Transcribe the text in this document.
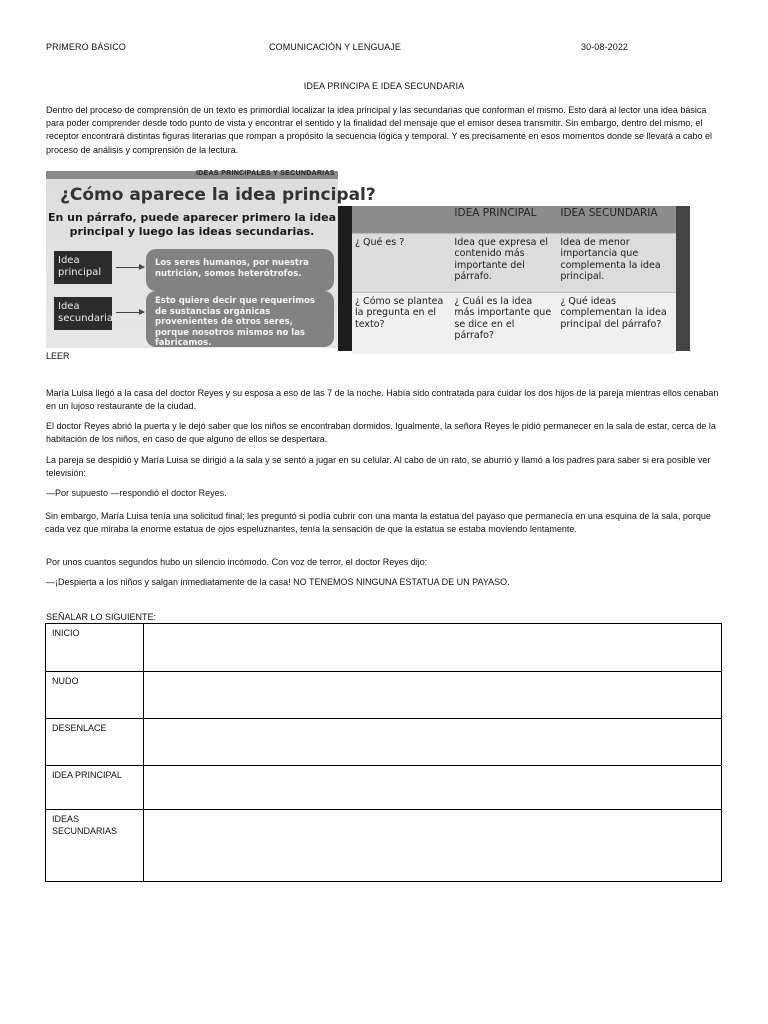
PRIMERO BÁSICO	COMUNICACIÓN Y LENGUAJE	30-08-2022
IDEA PRINCIPA E IDEA SECUNDARIA

Dentro del proceso de comprensión de un texto es primordial localizar la idea principal y las secundarias que conforman el mismo. Esto dará al lector una idea básica para poder comprender desde todo punto de vista y encontrar el sentido y la finalidad del mensaje que el emisor desea transmitir. Sin embargo, dentro del mismo, el receptor encontrará distintas figuras literarias que rompan a propósito la secuencia lógica y temporal. Y es precisamente en esos momentos donde se llevará a cabo el proceso de análisis y comprensión de la lectura.

IDEAS PRINCIPALES Y SECUNDARIAS
¿Cómo aparece la idea principal?
En un párrafo, puede aparecer primero la idea
principal y luego las ideas secundarias.
Idea
principal
Los seres humanos, por nuestra nutrición, somos heterótrofos.
Idea
secundaria
Esto quiere decir que requerimos de sustancias orgánicas provenientes de otros seres, porque nosotros mismos no las fabricamos.
	IDEA PRINCIPAL	IDEA SECUNDARIA
¿ Qué es ?	Idea que expresa el contenido más importante del párrafo.	Idea de menor importancia que complementa la idea principal.
¿ Cómo se plantea la pregunta en el texto?	¿ Cuál es la idea más importante que se dice en el párrafo?	¿ Qué ideas complementan la idea principal del párrafo?
LEER

María Luisa llegó a la casa del doctor Reyes y su esposa a eso de las 7 de la noche. Había sido contratada para cuidar los dos hijos de la pareja mientras ellos cenaban en un lujoso restaurante de la ciudad.

El doctor Reyes abrió la puerta y le dejó saber que los niños se encontraban dormidos. Igualmente, la señora Reyes le pidió permanecer en la sala de estar, cerca de la habitación de los niños, en caso de que alguno de ellos se despertara.

La pareja se despidió y María Luisa se dirigió a la sala y se sentó a jugar en su celular. Al cabo de un rato, se aburrió y llamó a los padres para saber si era posible ver televisión:

—Por supuesto —respondió el doctor Reyes.

Sin embargo, María Luisa tenía una solicitud final; les preguntó si podía cubrir con una manta la estatua del payaso que permanecía en una esquina de la sala, porque cada vez que miraba la enorme estatua de ojos espeluznantes, tenía la sensación de que la estatua se estaba moviendo lentamente.

Por unos cuantos segundos hubo un silencio incómodo. Con voz de terror, el doctor Reyes dijo:

—¡Despierta a los niños y salgan inmediatamente de la casa! NO TENEMOS NINGUNA ESTATUA DE UN PAYASO.

SEÑALAR LO SIGUIENTE:
INICIO	

NUDO	

DESENLACE	

IDEA PRINCIPAL	

IDEAS
SECUNDARIAS	
